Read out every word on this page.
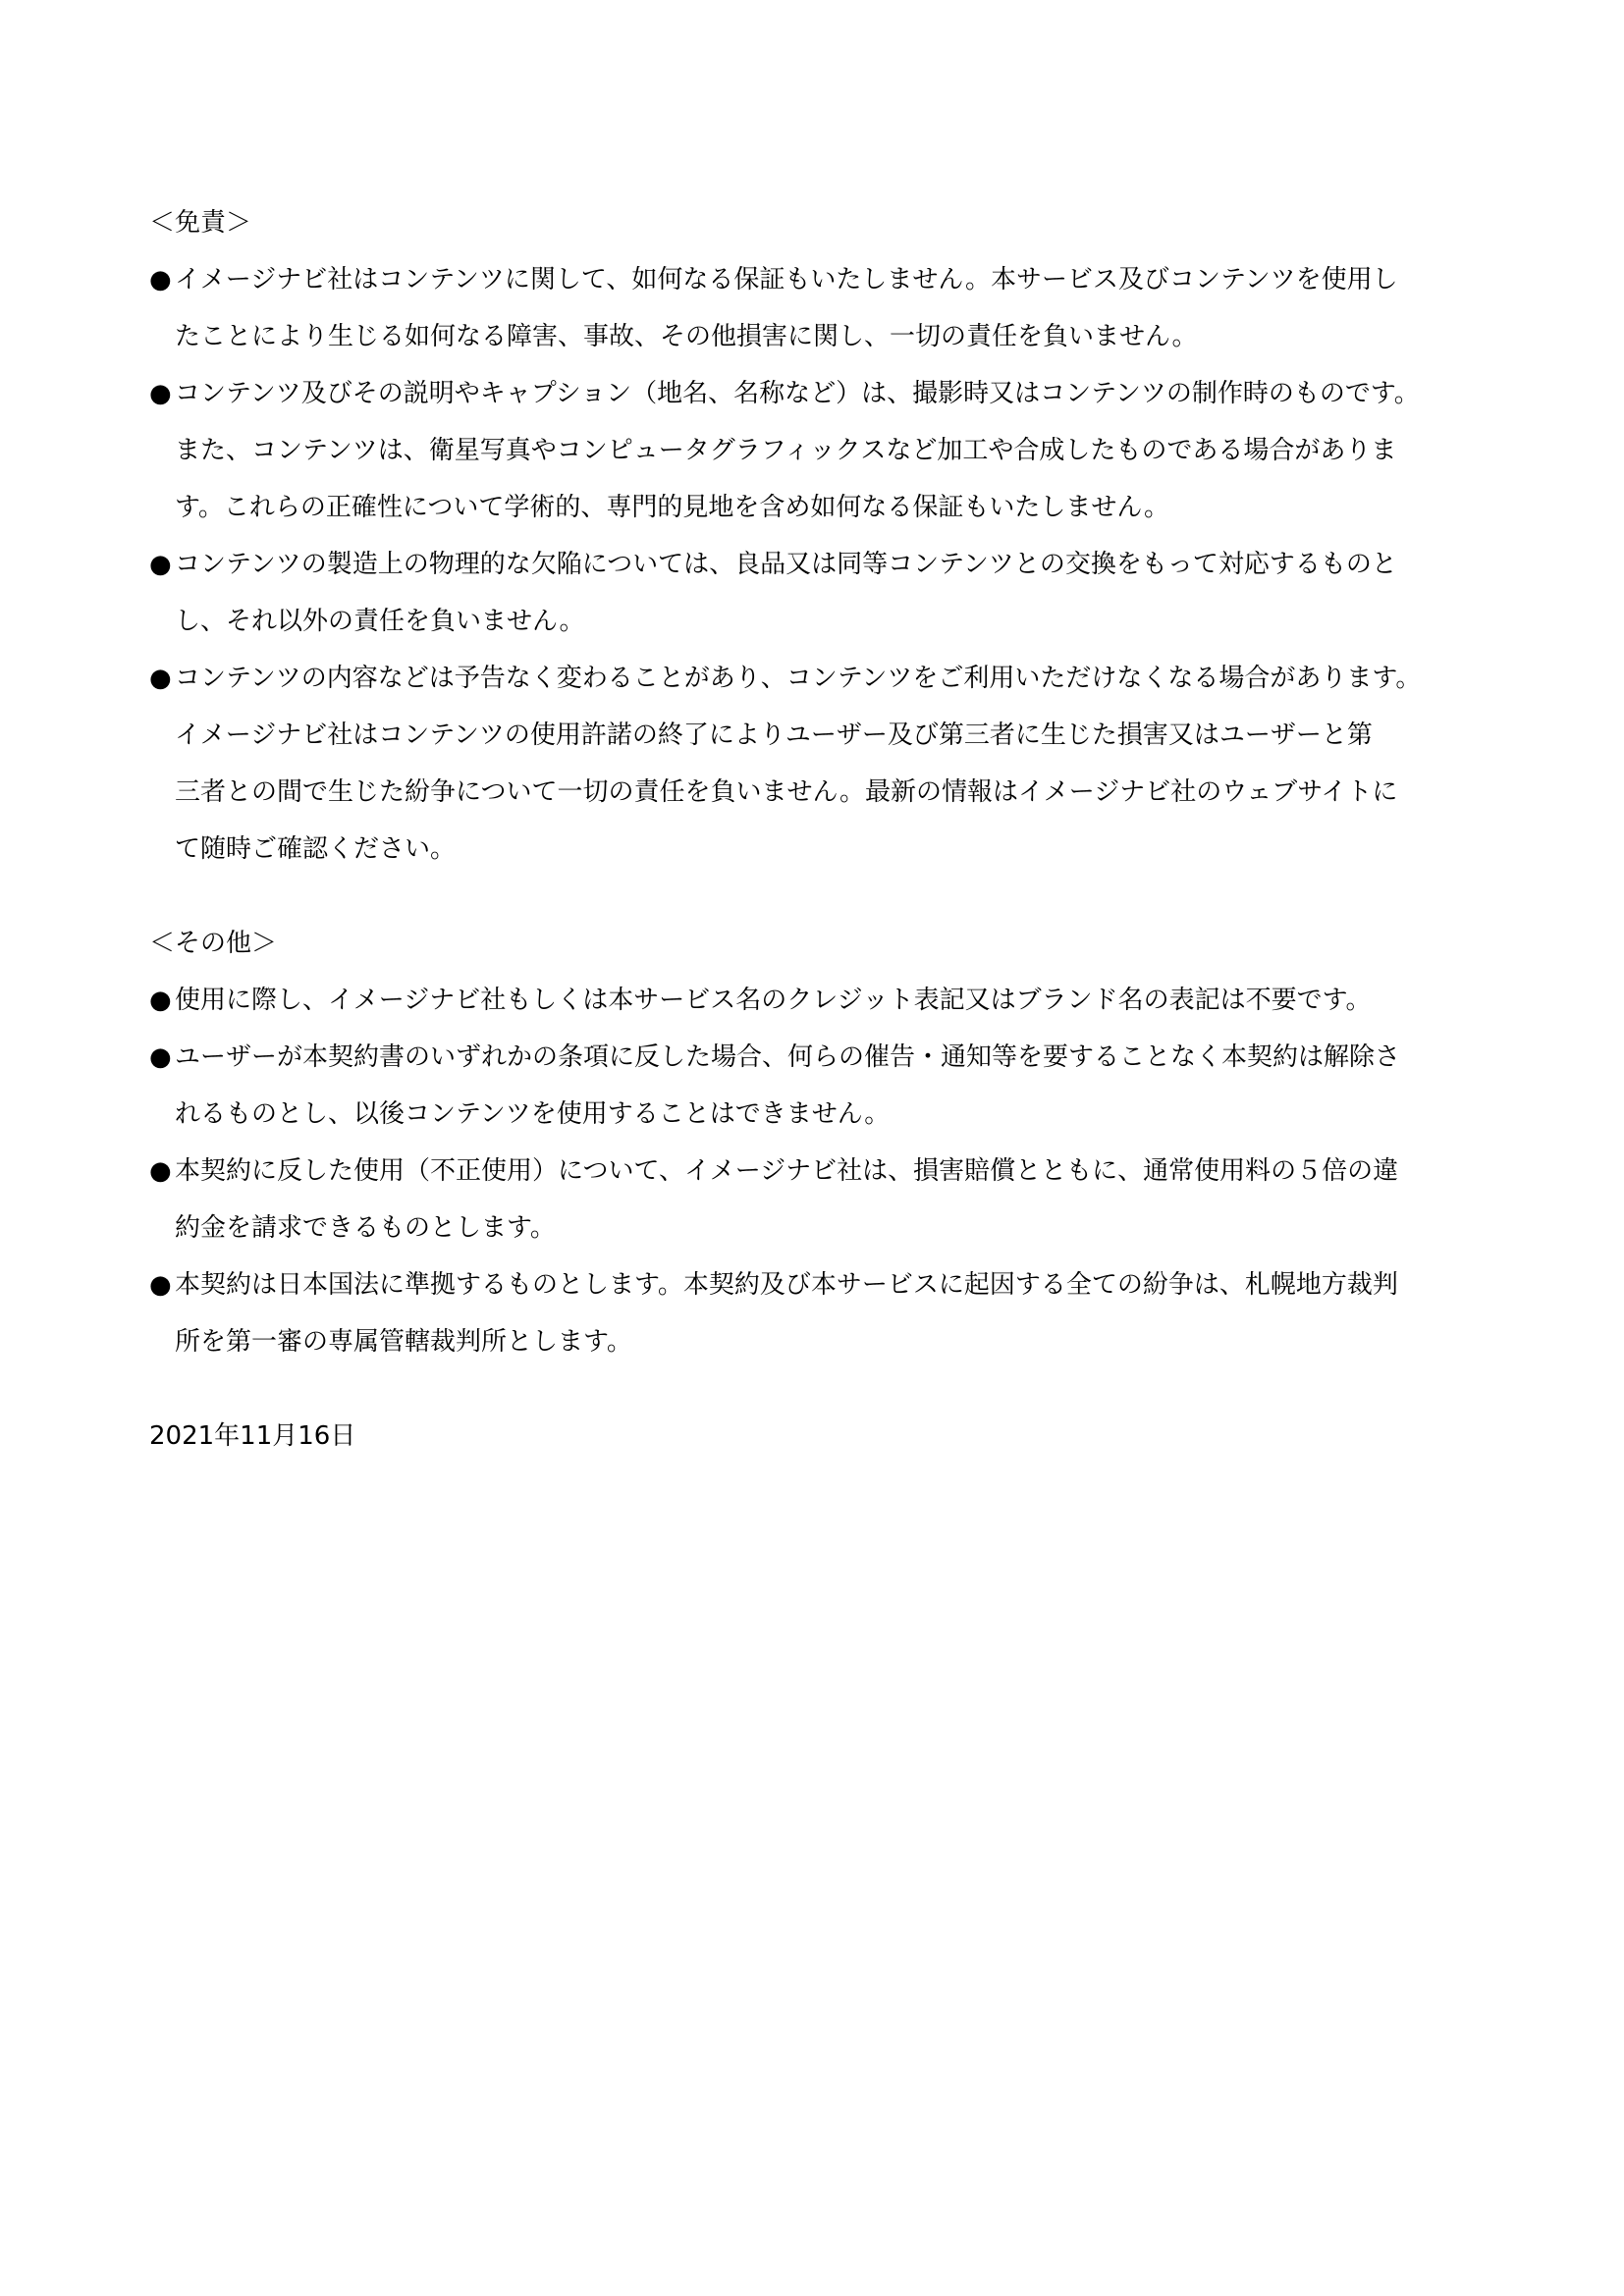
＜免責＞
● イメージナビ社はコンテンツに関して、如何なる保証もいたしません。本サービス及びコンテンツを使用し
たことにより生じる如何なる障害、事故、その他損害に関し、一切の責任を負いません。
● コンテンツ及びその説明やキャプション（地名、名称など）は、撮影時又はコンテンツの制作時のものです。
また、コンテンツは、衛星写真やコンピュータグラフィックスなど加工や合成したものである場合がありま
す。これらの正確性について学術的、専門的見地を含め如何なる保証もいたしません。
● コンテンツの製造上の物理的な欠陥については、良品又は同等コンテンツとの交換をもって対応するものと
し、それ以外の責任を負いません。
● コンテンツの内容などは予告なく変わることがあり、コンテンツをご利用いただけなくなる場合があります。
イメージナビ社はコンテンツの使用許諾の終了によりユーザー及び第三者に生じた損害又はユーザーと第
三者との間で生じた紛争について一切の責任を負いません。最新の情報はイメージナビ社のウェブサイトに
て随時ご確認ください。
＜その他＞
● 使用に際し、イメージナビ社もしくは本サービス名のクレジット表記又はブランド名の表記は不要です。
● ユーザーが本契約書のいずれかの条項に反した場合、何らの催告・通知等を要することなく本契約は解除さ
れるものとし、以後コンテンツを使用することはできません。
● 本契約に反した使用（不正使用）について、イメージナビ社は、損害賠償とともに、通常使用料の５倍の違
約金を請求できるものとします。
● 本契約は日本国法に準拠するものとします。本契約及び本サービスに起因する全ての紛争は、札幌地方裁判
所を第一審の専属管轄裁判所とします。
2021年11月16日
